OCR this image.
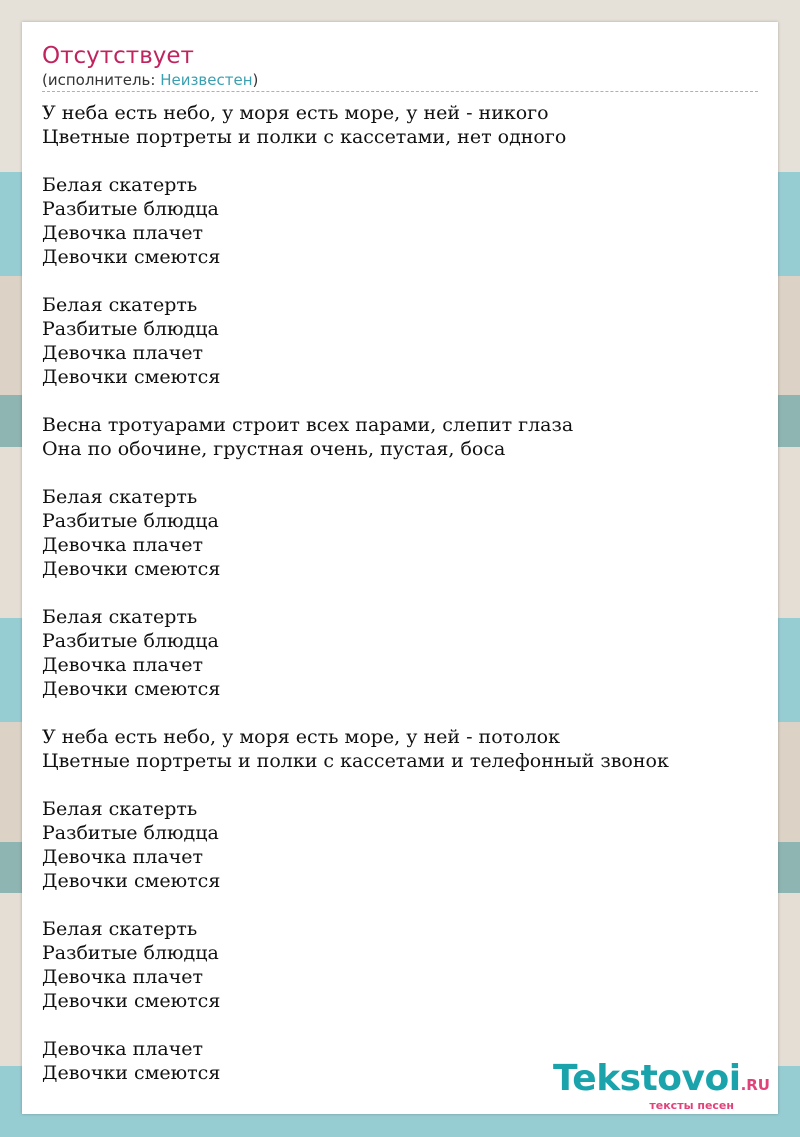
Отсутствует
(исполнитель: Неизвестен)
У неба есть небо, у моря есть море, у ней - никого
Цветные портреты и полки с кассетами, нет одного
Белая скатерть
Разбитые блюдца
Девочка плачет
Девочки смеются
Белая скатерть
Разбитые блюдца
Девочка плачет
Девочки смеются
Весна тротуарами строит всех парами, слепит глаза
Она по обочине, грустная очень, пустая, боса
Белая скатерть
Разбитые блюдца
Девочка плачет
Девочки смеются
Белая скатерть
Разбитые блюдца
Девочка плачет
Девочки смеются
У неба есть небо, у моря есть море, у ней - потолок
Цветные портреты и полки с кассетами и телефонный звонок
Белая скатерть
Разбитые блюдца
Девочка плачет
Девочки смеются
Белая скатерть
Разбитые блюдца
Девочка плачет
Девочки смеются
Девочка плачет
Девочки смеются	Tekstovoi.RU
тексты песен
